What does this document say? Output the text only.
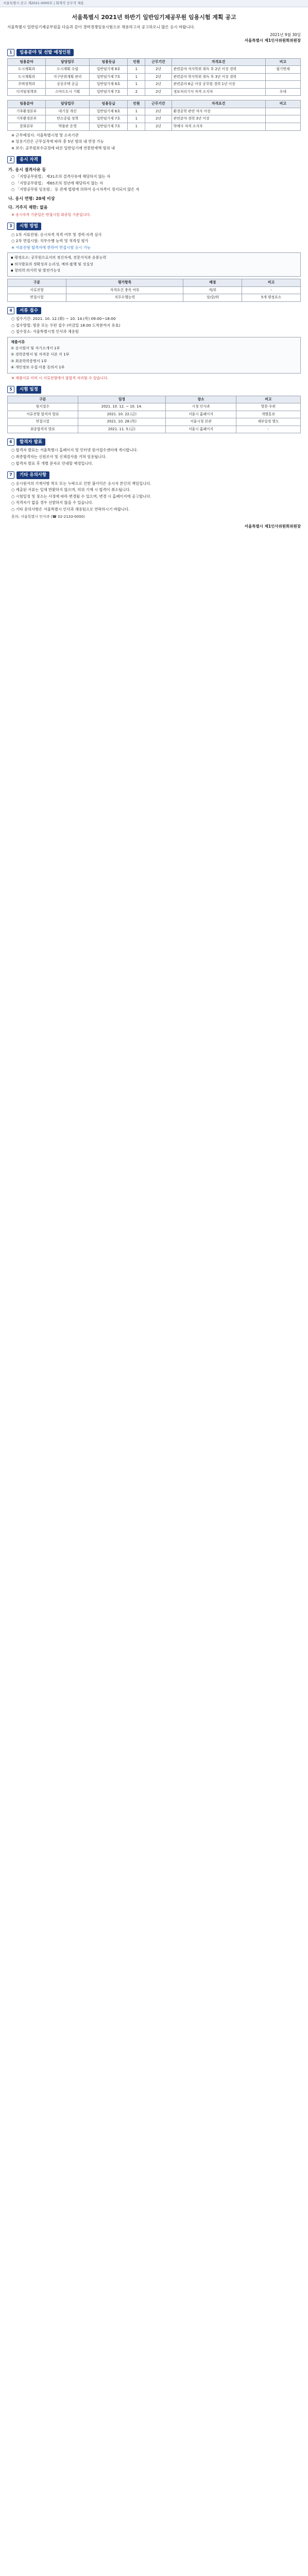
서울특별시 공고 제2021-0000호 | 회계직 공무직 채용
서울특별시 2021년 하반기 일반임기제공무원 임용시험 계획 공고

서울특별시 일반임기제공무원을 다음과 같이 경력경쟁임용시험으로 채용하고자 공고하오니 많은 응시 바랍니다.

2021년 9월 30일

서울특별시 제1인사위원회위원장

1	임용분야 및 선발 예정인원
임용분야	담당업무	임용등급	인원	근무기간	자격요건	비고
도시계획과	도시계획 수립	일반임기제 6호	1	2년	관련분야 석사학위 취득 후 2년 이상 경력	필기면제
도시계획과	지구단위계획 관리	일반임기제 7호	1	2년	관련분야 학사학위 취득 후 3년 이상 경력	
주택정책과	공공주택 공급	일반임기제 6호	1	2년	관련분야 6급 이상 공무원 경력 1년 이상	
디지털정책과	스마트도시 기획	일반임기제 7호	2	2년	정보처리기사 자격 소지자	우대
임용분야	담당업무	임용등급	인원	근무기간	자격요건	비고
기후환경본부	대기질 개선	일반임기제 6호	1	2년	환경공학 관련 석사 이상	
기후환경본부	탄소중립 정책	일반임기제 7호	1	2년	관련분야 경력 3년 이상	
문화본부	박물관 운영	일반임기제 7호	1	2년	학예사 자격 소지자	

※ 근무예정지: 서울특별시청 및 소속기관

※ 임용기간은 근무실적에 따라 총 5년 범위 내 연장 가능

※ 보수: 공무원보수규정에 따른 일반임기제 연봉한계액 범위 내

2	응시 자격
가. 응시 결격사유 등

○ 「지방공무원법」 제31조의 결격사유에 해당하지 않는 자

○ 「지방공무원법」 제65조의 정년에 해당하지 않는 자

○ 「지방공무원 임용령」 등 관계 법령에 의하여 응시자격이 정지되지 않은 자

나. 응시 연령: 20세 이상
다. 거주지 제한: 없음

※ 응시자격 기준일은 면접시험 최종일 기준입니다.

3	시험 방법

○ 1차 서류전형: 응시자격 적격 여부 및 경력·자격 심사

○ 2차 면접시험: 직무수행 능력 및 적격성 평가

※ 서류전형 합격자에 한하여 면접시험 응시 가능

▪ 평정요소: 공무원으로서의 정신자세, 전문지식과 응용능력

▪ 의사발표의 정확성과 논리성, 예의·품행 및 성실성

▪ 창의력·의지력 및 발전가능성

구분	평가항목	배점	비고
서류전형	자격요건 충족 여부	적/부	-
면접시험	직무수행능력	상/중/하	5개 평정요소
4	서류 접수

○ 접수기간: 2021. 10. 12.(화) ~ 10. 14.(목) 09:00~18:00

○ 접수방법: 방문 또는 우편 접수 (마감일 18:00 도착분까지 유효)

○ 접수장소: 서울특별시청 인사과 채용팀

제출서류

① 응시원서 및 자기소개서 1부

② 경력증명서 및 자격증 사본 각 1부

③ 최종학력증명서 1부

④ 개인정보 수집·이용 동의서 1부

※ 제출서류 미비 시 서류전형에서 불합격 처리될 수 있습니다.

5	시험 일정
구분	일정	장소	비고
원서접수	2021. 10. 12. ~ 10. 14.	시청 인사과	방문·우편
서류전형 합격자 발표	2021. 10. 22.(금)	서울시 홈페이지	개별통보
면접시험	2021. 10. 28.(목)	서울시청 본관	세부일정 별도
최종합격자 발표	2021. 11. 5.(금)	서울시 홈페이지	-
6	합격자 발표

○ 합격자 발표는 서울특별시 홈페이지 및 인터넷 원서접수센터에 게시합니다.

○ 최종합격자는 신원조사 및 신체검사를 거쳐 임용됩니다.

○ 합격자 발표 후 개별 문자로 안내할 예정입니다.

7	기타 유의사항

○ 응시원서의 기재사항 착오 또는 누락으로 인한 불이익은 응시자 본인의 책임입니다.

○ 제출된 서류는 일체 반환하지 않으며, 허위 기재 시 합격이 취소됩니다.

○ 시험일정 및 장소는 사정에 따라 변경될 수 있으며, 변경 시 홈페이지에 공고합니다.

○ 적격자가 없을 경우 선발하지 않을 수 있습니다.

○ 기타 문의사항은 서울특별시 인사과 채용팀으로 연락하시기 바랍니다.

문의: 서울특별시 인사과 (☎ 02-2133-0000)

서울특별시 제1인사위원회위원장
